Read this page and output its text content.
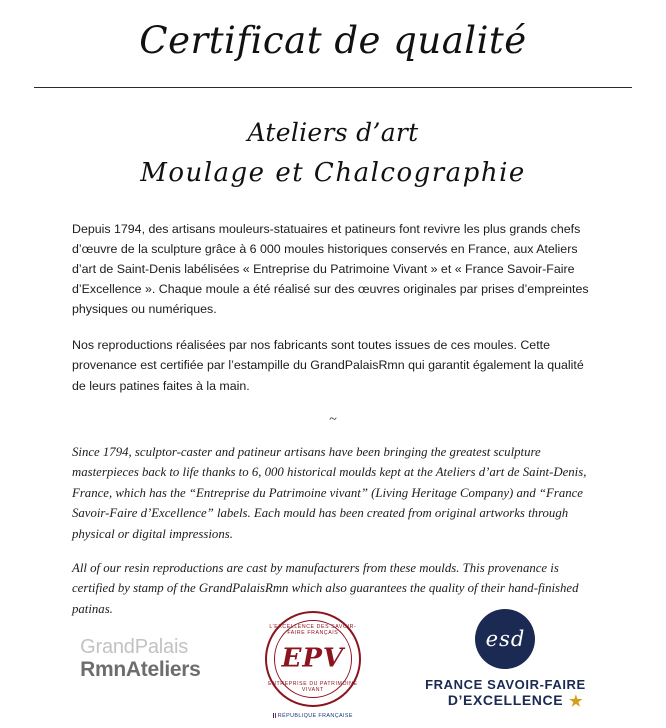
Certificat de qualité
Ateliers d’art
Moulage et Chalcographie

Depuis 1794, des artisans mouleurs-statuaires et patineurs font revivre les plus grands chefs d’œuvre de la sculpture grâce à 6 000 moules historiques conservés en France, aux Ateliers d’art de Saint-Denis labélisées « Entreprise du Patrimoine Vivant » et « France Savoir-Faire d’Excellence ». Chaque moule a été réalisé sur des œuvres originales par prises d’empreintes physiques ou numériques.

Nos reproductions réalisées par nos fabricants sont toutes issues de ces moules. Cette provenance est certifiée par l’estampille du GrandPalaisRmn qui garantit également la qualité de leurs patines faites à la main.

~

Since 1794, sculptor-caster and patineur artisans have been bringing the greatest sculpture masterpieces back to life thanks to 6, 000 historical moulds kept at the Ateliers d’art de Saint-Denis, France, which has the “Entreprise du Patrimoine vivant” (Living Heritage Company) and “France Savoir-Faire d’Excellence” labels. Each mould has been created from original artworks through physical or digital impressions.

All of our resin reproductions are cast by manufacturers from these moulds. This provenance is certified by stamp of the GrandPalaisRmn which also guarantees the quality of their hand-finished patinas.

GrandPalais
RmnAteliers
L’EXCELLENCE DES SAVOIR-FAIRE FRANÇAIS
EPV
ENTREPRISE DU PATRIMOINE VIVANT
RÉPUBLIQUE FRANÇAISE
esd
FRANCE SAVOIR-FAIRE
D’EXCELLENCE ★
